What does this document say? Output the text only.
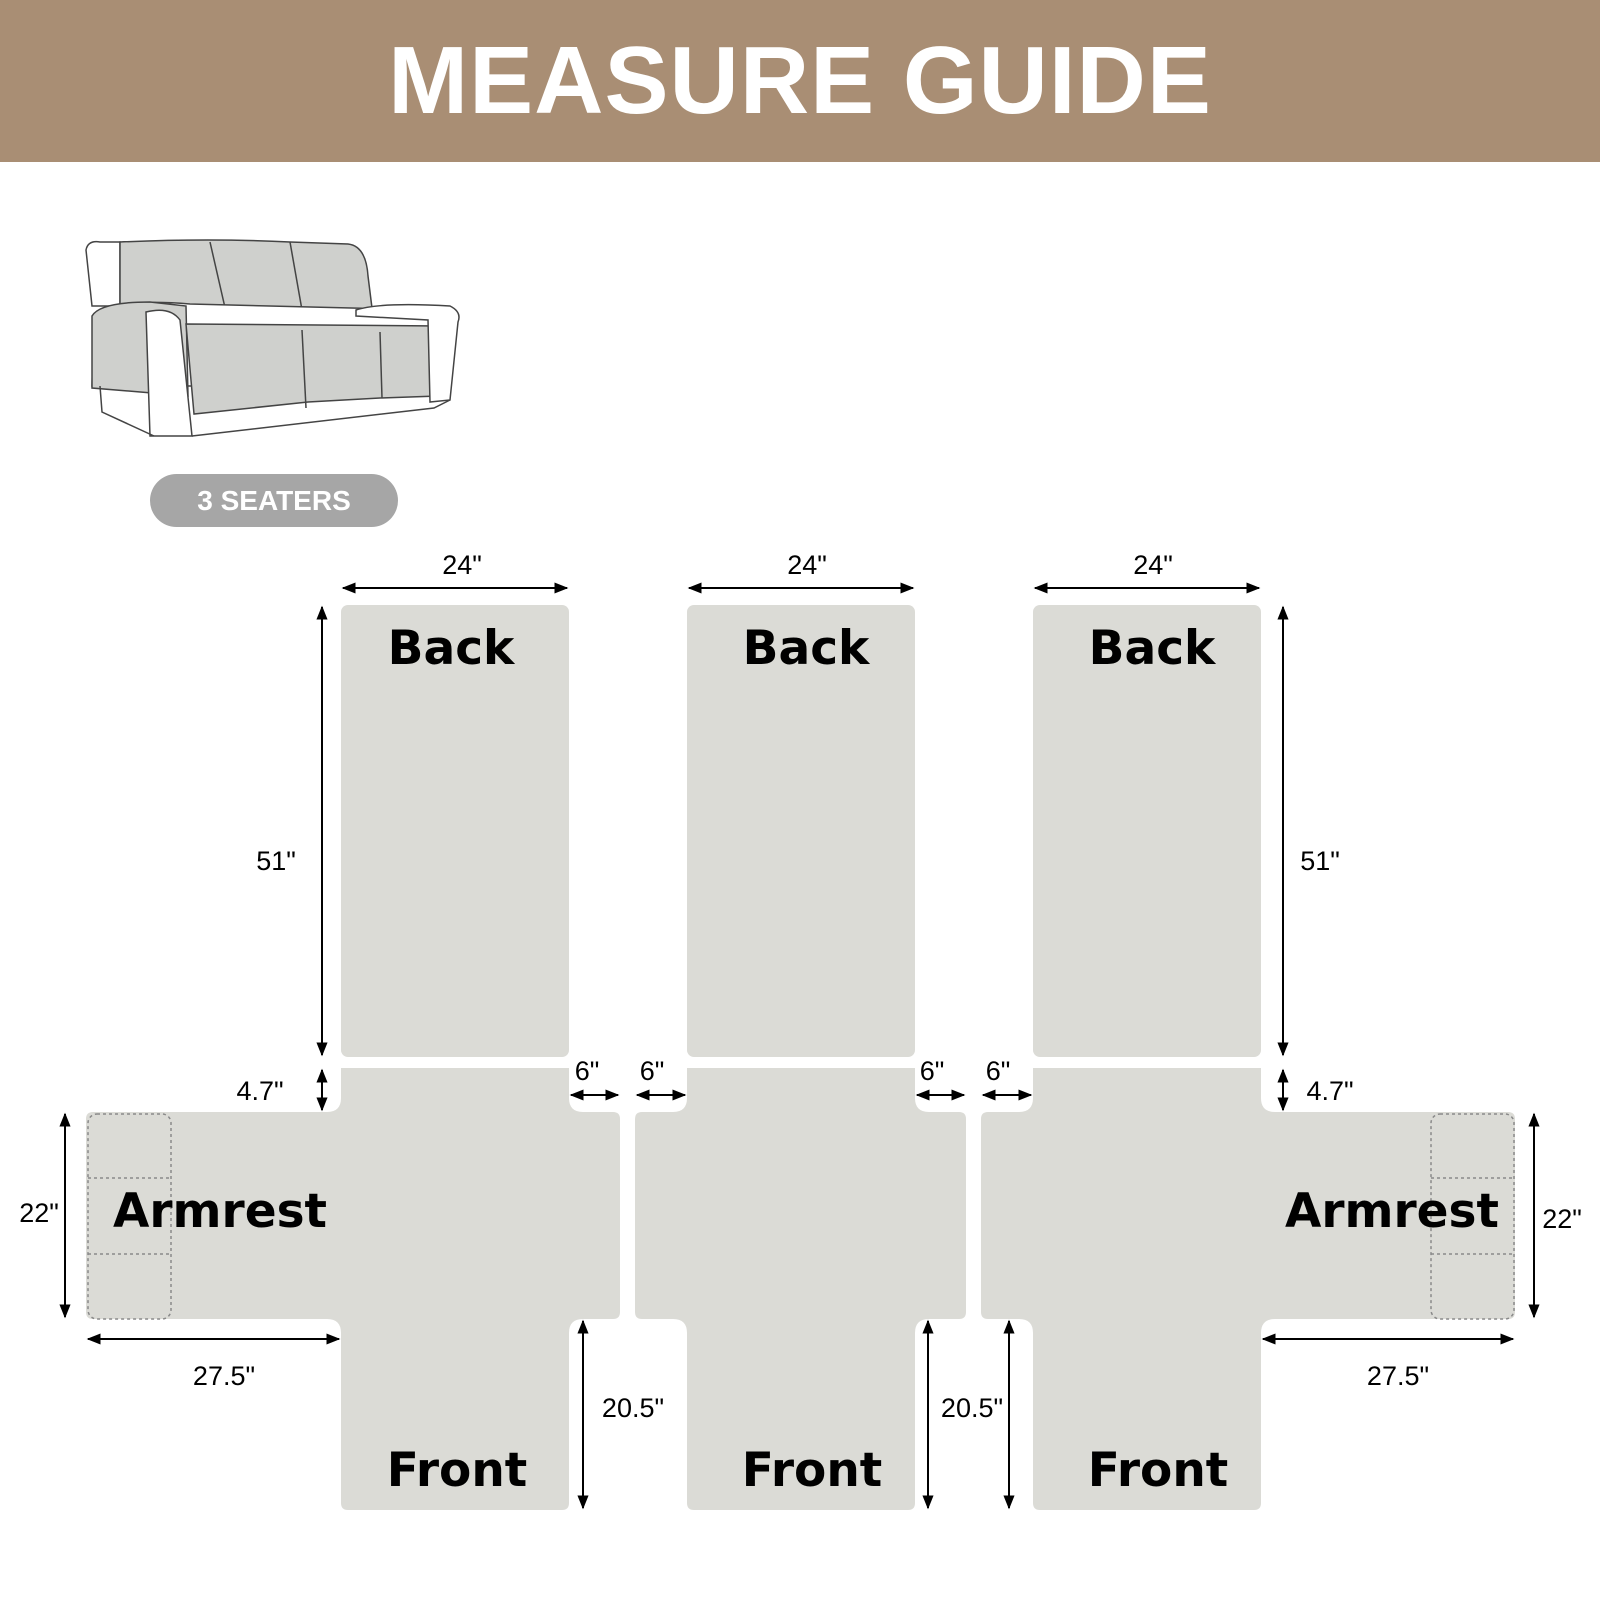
MEASURE GUIDE
3 SEATERS
Back
Armrest
Front
Back
Front
Back
Armrest
Front
24"	24"	24"
51"	51"
4.7"	4.7"
6" 6"	6" 6"
22"	22"
27.5"	27.5"
20.5"	20.5"
